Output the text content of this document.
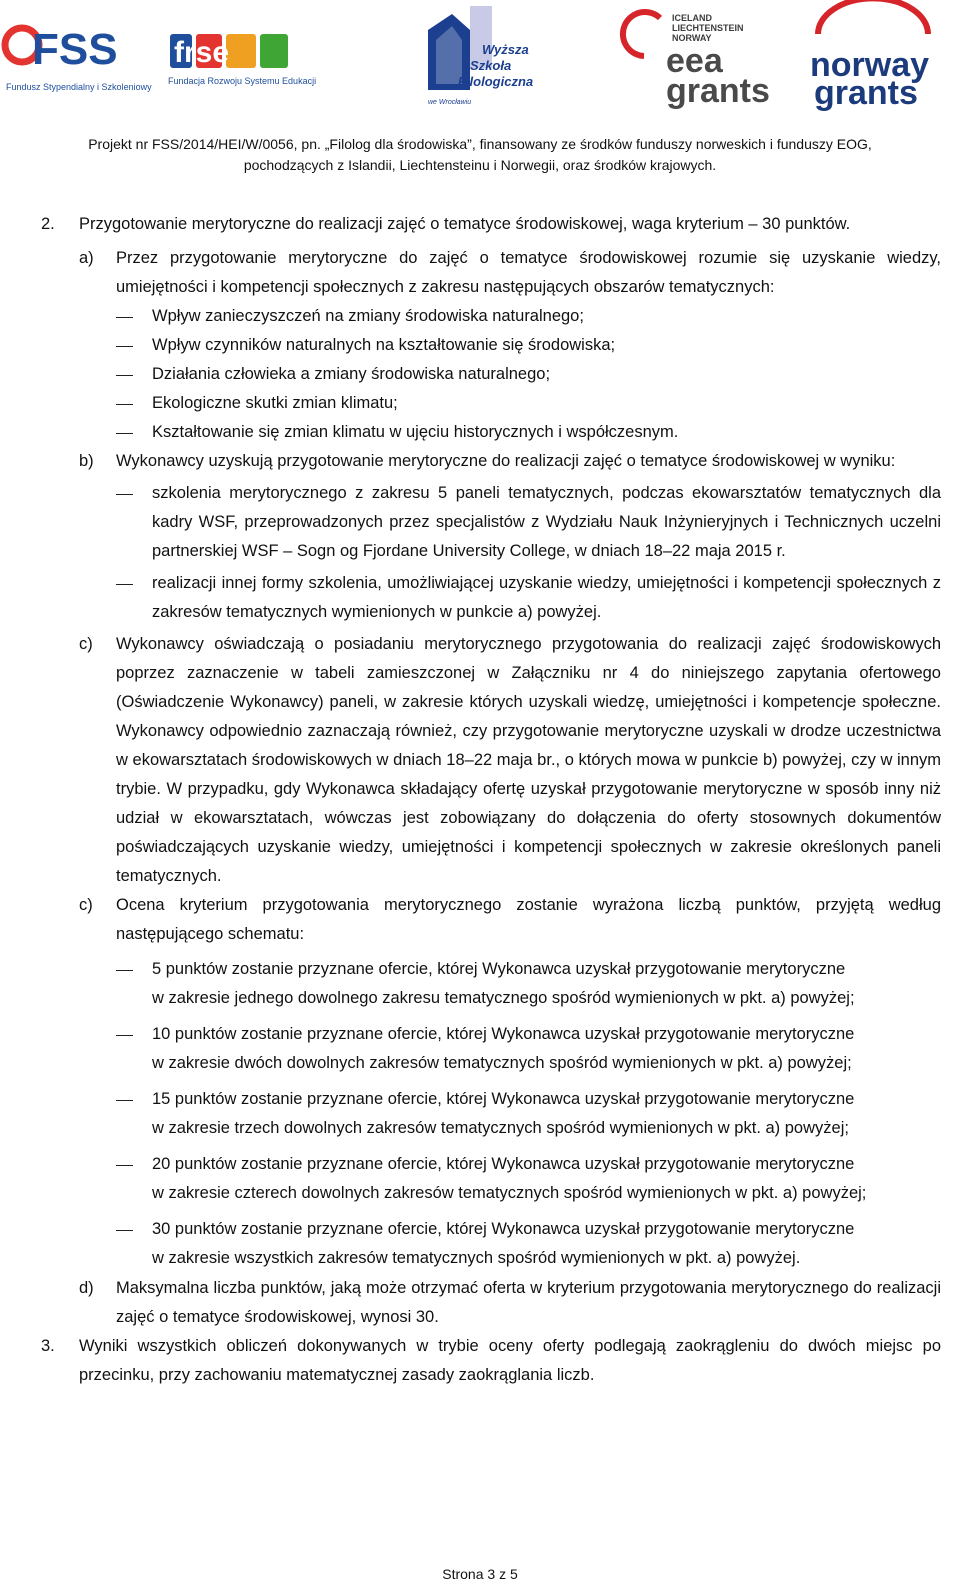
FSS
Fundusz Stypendialny i Szkoleniowy
frse
Fundacja Rozwoju Systemu Edukacji
Wyższa
Szkoła
Filologiczna
we Wrocławiu
ICELAND
LIECHTENSTEIN
NORWAY
eea
grants
norway
grants
Projekt nr FSS/2014/HEI/W/0056, pn. „Filolog dla środowiska”, finansowany ze środków funduszy norweskich i funduszy EOG,
pochodzących z Islandii, Liechtensteinu i Norwegii, oraz środków krajowych.
2. Przygotowanie merytoryczne do realizacji zajęć o tematyce środowiskowej, waga kryterium – 30 punktów.
a) Przez przygotowanie merytoryczne do zajęć o tematyce środowiskowej rozumie się uzyskanie wiedzy, umiejętności i kompetencji społecznych z zakresu następujących obszarów tematycznych:
Wpływ zanieczyszczeń na zmiany środowiska naturalnego;
Wpływ czynników naturalnych na kształtowanie się środowiska;
Działania człowieka a zmiany środowiska naturalnego;
Ekologiczne skutki zmian klimatu;
Kształtowanie się zmian klimatu w ujęciu historycznych i współczesnym.
b) Wykonawcy uzyskują przygotowanie merytoryczne do realizacji zajęć o tematyce środowiskowej w wyniku:
szkolenia merytorycznego z zakresu 5 paneli tematycznych, podczas ekowarsztatów tematycznych dla kadry WSF, przeprowadzonych przez specjalistów z Wydziału Nauk Inżynieryjnych i Technicznych uczelni partnerskiej WSF – Sogn og Fjordane University College, w dniach 18–22 maja 2015 r.
realizacji innej formy szkolenia, umożliwiającej uzyskanie wiedzy, umiejętności i kompetencji społecznych z zakresów tematycznych wymienionych w punkcie a) powyżej.
c) Wykonawcy oświadczają o posiadaniu merytorycznego przygotowania do realizacji zajęć środowiskowych poprzez zaznaczenie w tabeli zamieszczonej w Załączniku nr 4 do niniejszego zapytania ofertowego (Oświadczenie Wykonawcy) paneli, w zakresie których uzyskali wiedzę, umiejętności i kompetencje społeczne. Wykonawcy odpowiednio zaznaczają również, czy przygotowanie merytoryczne uzyskali w drodze uczestnictwa w ekowarsztatach środowiskowych w dniach 18–22 maja br., o których mowa w punkcie b) powyżej, czy w innym trybie. W przypadku, gdy Wykonawca składający ofertę uzyskał przygotowanie merytoryczne w sposób inny niż udział w ekowarsztatach, wówczas jest zobowiązany do dołączenia do oferty stosownych dokumentów poświadczających uzyskanie wiedzy, umiejętności i kompetencji społecznych w zakresie określonych paneli tematycznych.
c) Ocena kryterium przygotowania merytorycznego zostanie wyrażona liczbą punktów, przyjętą według następującego schematu:
5 punktów zostanie przyznane ofercie, której Wykonawca uzyskał przygotowanie merytoryczne
w zakresie jednego dowolnego zakresu tematycznego spośród wymienionych w pkt. a) powyżej;
10 punktów zostanie przyznane ofercie, której Wykonawca uzyskał przygotowanie merytoryczne
w zakresie dwóch dowolnych zakresów tematycznych spośród wymienionych w pkt. a) powyżej;
15 punktów zostanie przyznane ofercie, której Wykonawca uzyskał przygotowanie merytoryczne
w zakresie trzech dowolnych zakresów tematycznych spośród wymienionych w pkt. a) powyżej;
20 punktów zostanie przyznane ofercie, której Wykonawca uzyskał przygotowanie merytoryczne
w zakresie czterech dowolnych zakresów tematycznych spośród wymienionych w pkt. a) powyżej;
30 punktów zostanie przyznane ofercie, której Wykonawca uzyskał przygotowanie merytoryczne
w zakresie wszystkich zakresów tematycznych spośród wymienionych w pkt. a) powyżej.
d) Maksymalna liczba punktów, jaką może otrzymać oferta w kryterium przygotowania merytorycznego do realizacji zajęć o tematyce środowiskowej, wynosi 30.
3. Wyniki wszystkich obliczeń dokonywanych w trybie oceny oferty podlegają zaokrągleniu do dwóch miejsc po przecinku, przy zachowaniu matematycznej zasady zaokrąglania liczb.
Strona 3 z 5
